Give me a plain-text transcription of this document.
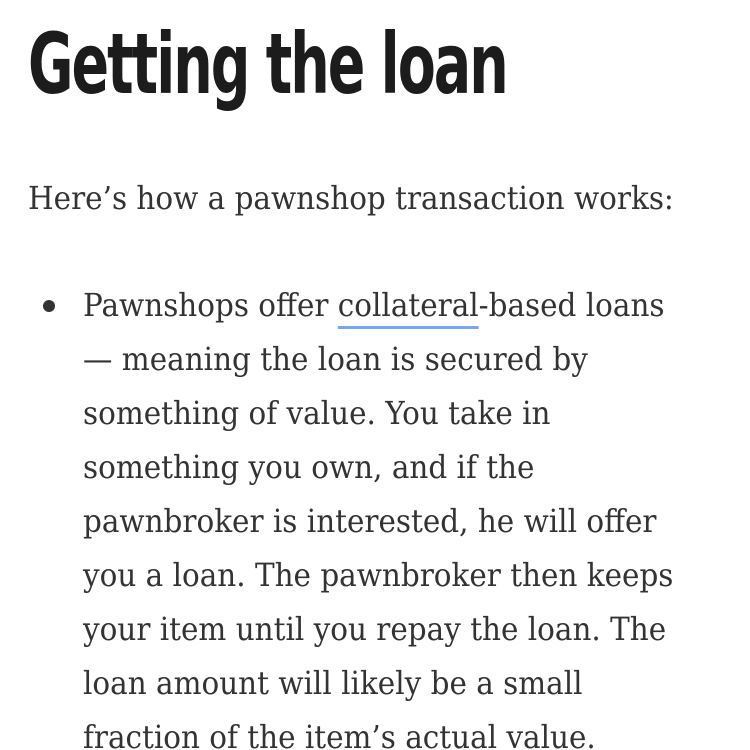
Getting the loan

Here’s how a pawnshop transaction works:

Pawnshops offer collateral-based loans
— meaning the loan is secured by
something of value. You take in
something you own, and if the
pawnbroker is interested, he will offer
you a loan. The pawnbroker then keeps
your item until you repay the loan. The
loan amount will likely be a small
fraction of the item’s actual value.
